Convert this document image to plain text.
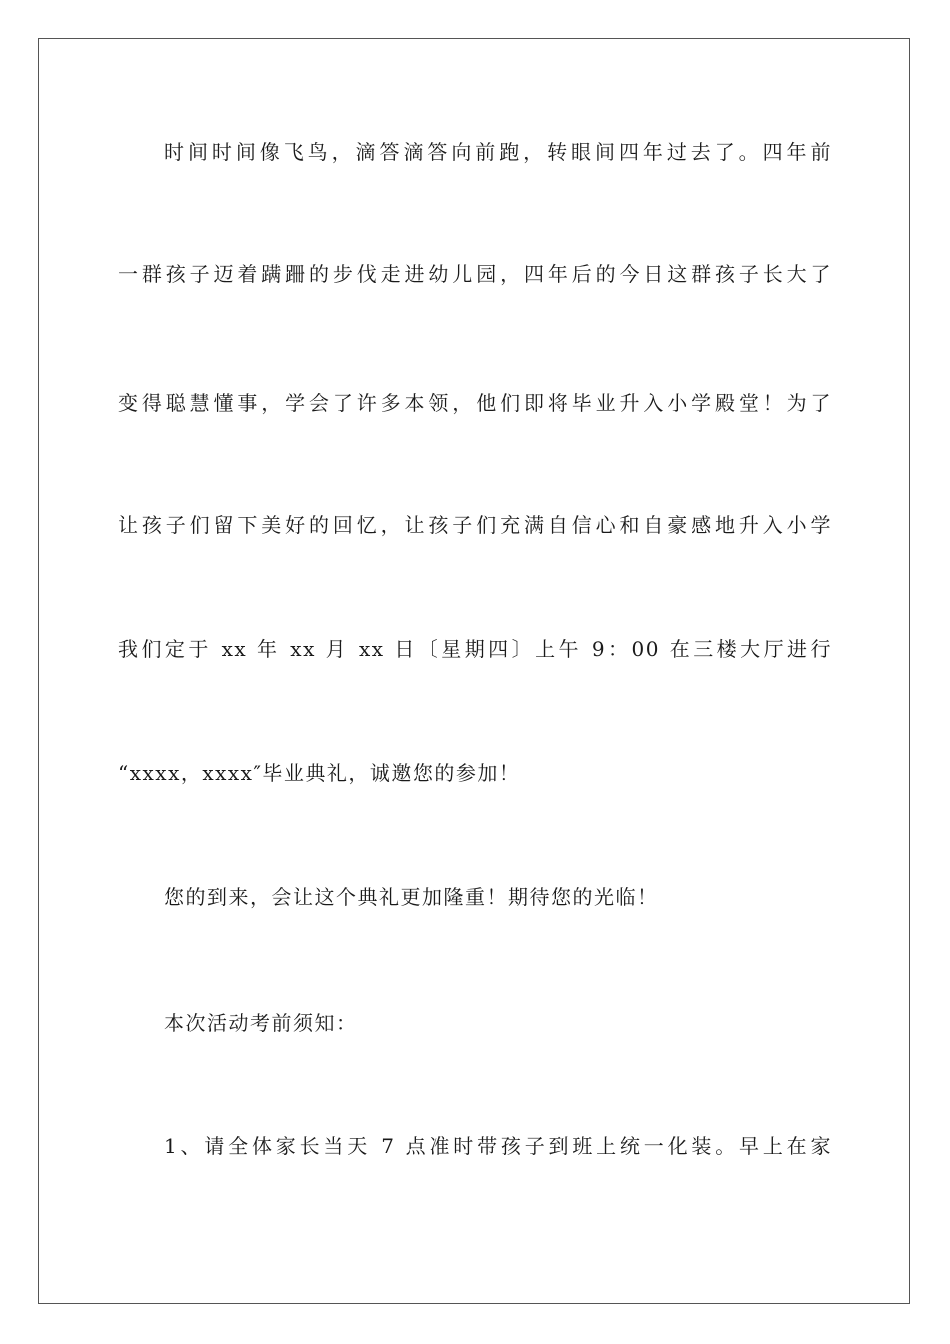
时间时间像飞鸟，滴答滴答向前跑，转眼间四年过去了。四年前
一群孩子迈着蹒跚的步伐走进幼儿园，四年后的今日这群孩子长大了
变得聪慧懂事，学会了许多本领，他们即将毕业升入小学殿堂！为了
让孩子们留下美好的回忆，让孩子们充满自信心和自豪感地升入小学
我们定于 xx 年 xx 月 xx 日〔星期四〕上午 9：00 在三楼大厅进行
“xxxx，xxxx″毕业典礼，诚邀您的参加！
您的到来，会让这个典礼更加隆重！期待您的光临！
本次活动考前须知：
1、请全体家长当天 7 点准时带孩子到班上统一化装。早上在家
